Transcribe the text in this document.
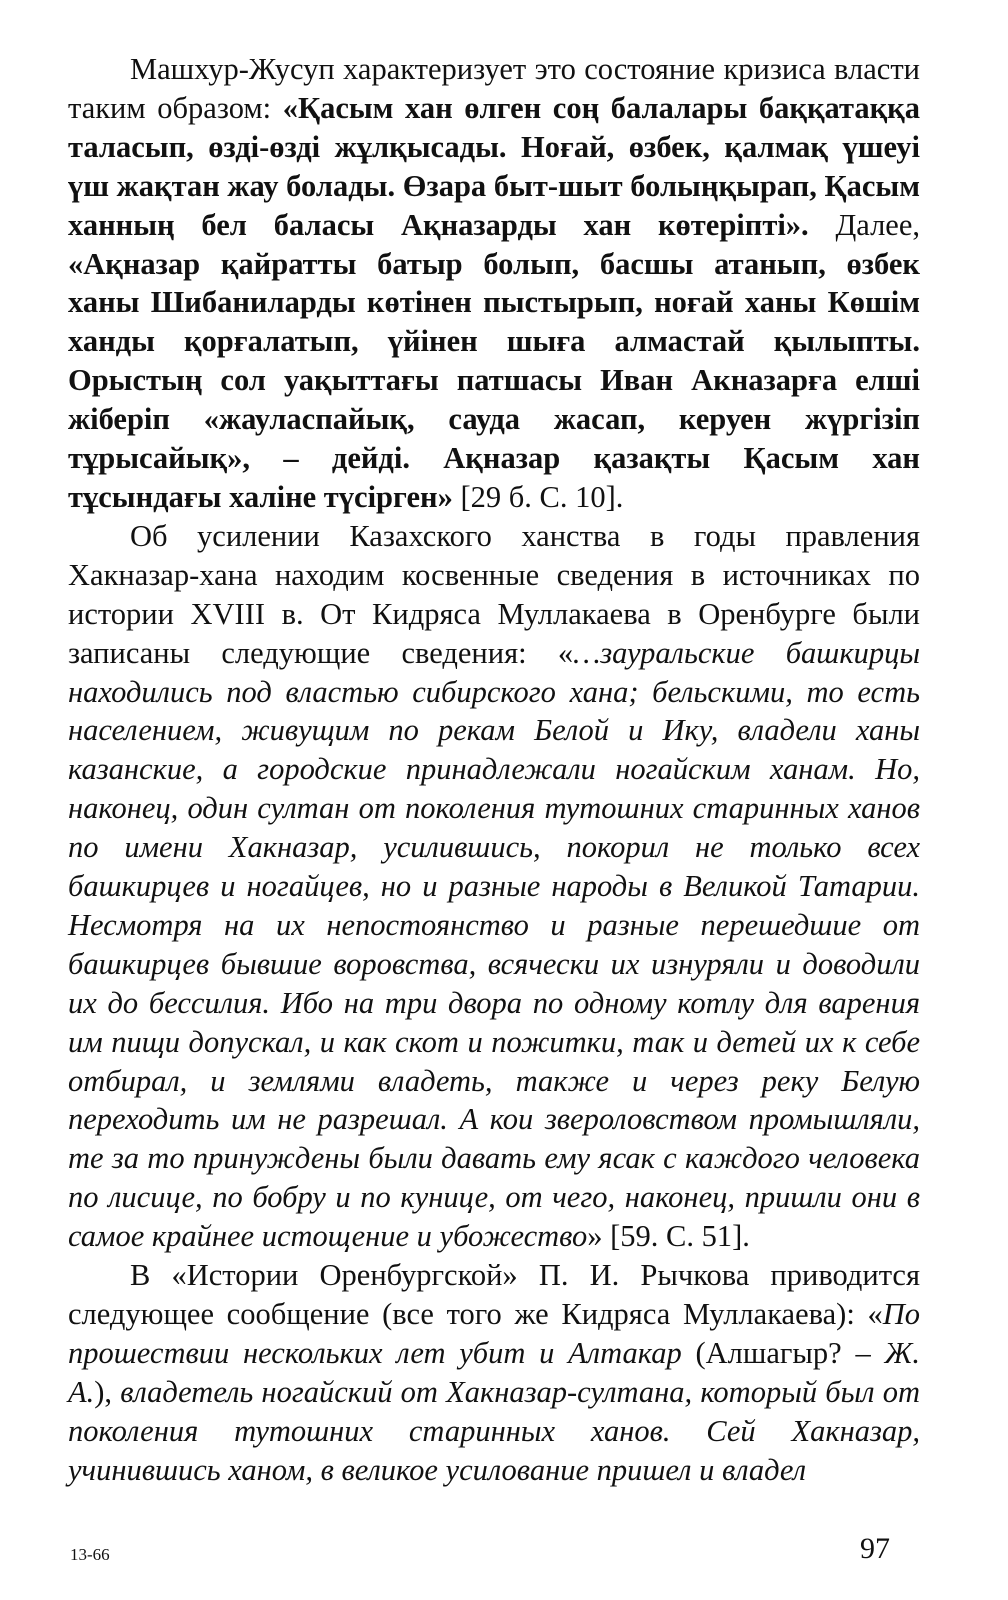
Машхур-Жусуп характеризует это состояние кризиса власти таким образом: «Қасым хан өлген соң балалары баққатаққа таласып, өзді-өзді жұлқысады. Ноғай, өзбек, қалмақ үшеуі үш жақтан жау болады. Өзара быт-шыт болыңқырап, Қасым ханның бел баласы Ақназарды хан көтеріпті». Далее, «Ақназар қайратты батыр болып, басшы атанып, өзбек ханы Шибаниларды көтінен пыстырып, ноғай ханы Көшім ханды қорғалатып, үйінен шыға алмастай қылыпты. Орыстың сол уақыттағы патшасы Иван Акназарға елші жіберіп «жауласпайық, сауда жасап, керуен жүргізіп тұрысайық», – дейді. Ақназар қазақты Қасым хан тұсындағы халіне түсірген» [29 б. С. 10].

Об усилении Казахского ханства в годы правления Хакназар-хана находим косвенные сведения в источниках по истории XVIII в. От Кидряса Муллакаева в Оренбурге были записаны следующие сведения: «…зауральские башкирцы находились под властью сибирского хана; бельскими, то есть населением, живущим по рекам Белой и Ику, владели ханы казанские, а городские принадлежали ногайским ханам. Но, наконец, один султан от поколения тутошних старинных ханов по имени Хакназар, усилившись, покорил не только всех башкирцев и ногайцев, но и разные народы в Великой Татарии. Несмотря на их непостоянство и разные перешедшие от башкирцев бывшие воровства, всячески их изнуряли и доводили их до бессилия. Ибо на три двора по одному котлу для варения им пищи допускал, и как скот и пожитки, так и детей их к себе отбирал, и землями владеть, также и через реку Белую переходить им не разрешал. А кои звероловством промышляли, те за то принуждены были давать ему ясак с каждого человека по лисице, по бобру и по кунице, от чего, наконец, пришли они в самое крайнее истощение и убожество» [59. С. 51].

В «Истории Оренбургской» П. И. Рычкова приводится следующее сообщение (все того же Кидряса Муллакаева): «По прошествии нескольких лет убит и Алтакар (Алшагыр? – Ж. А.), владетель ногайский от Хакназар-султана, который был от поколения тутошних старинных ханов. Сей Хакназар, учинившись ханом, в великое усилование пришел и владел

13-66	97
